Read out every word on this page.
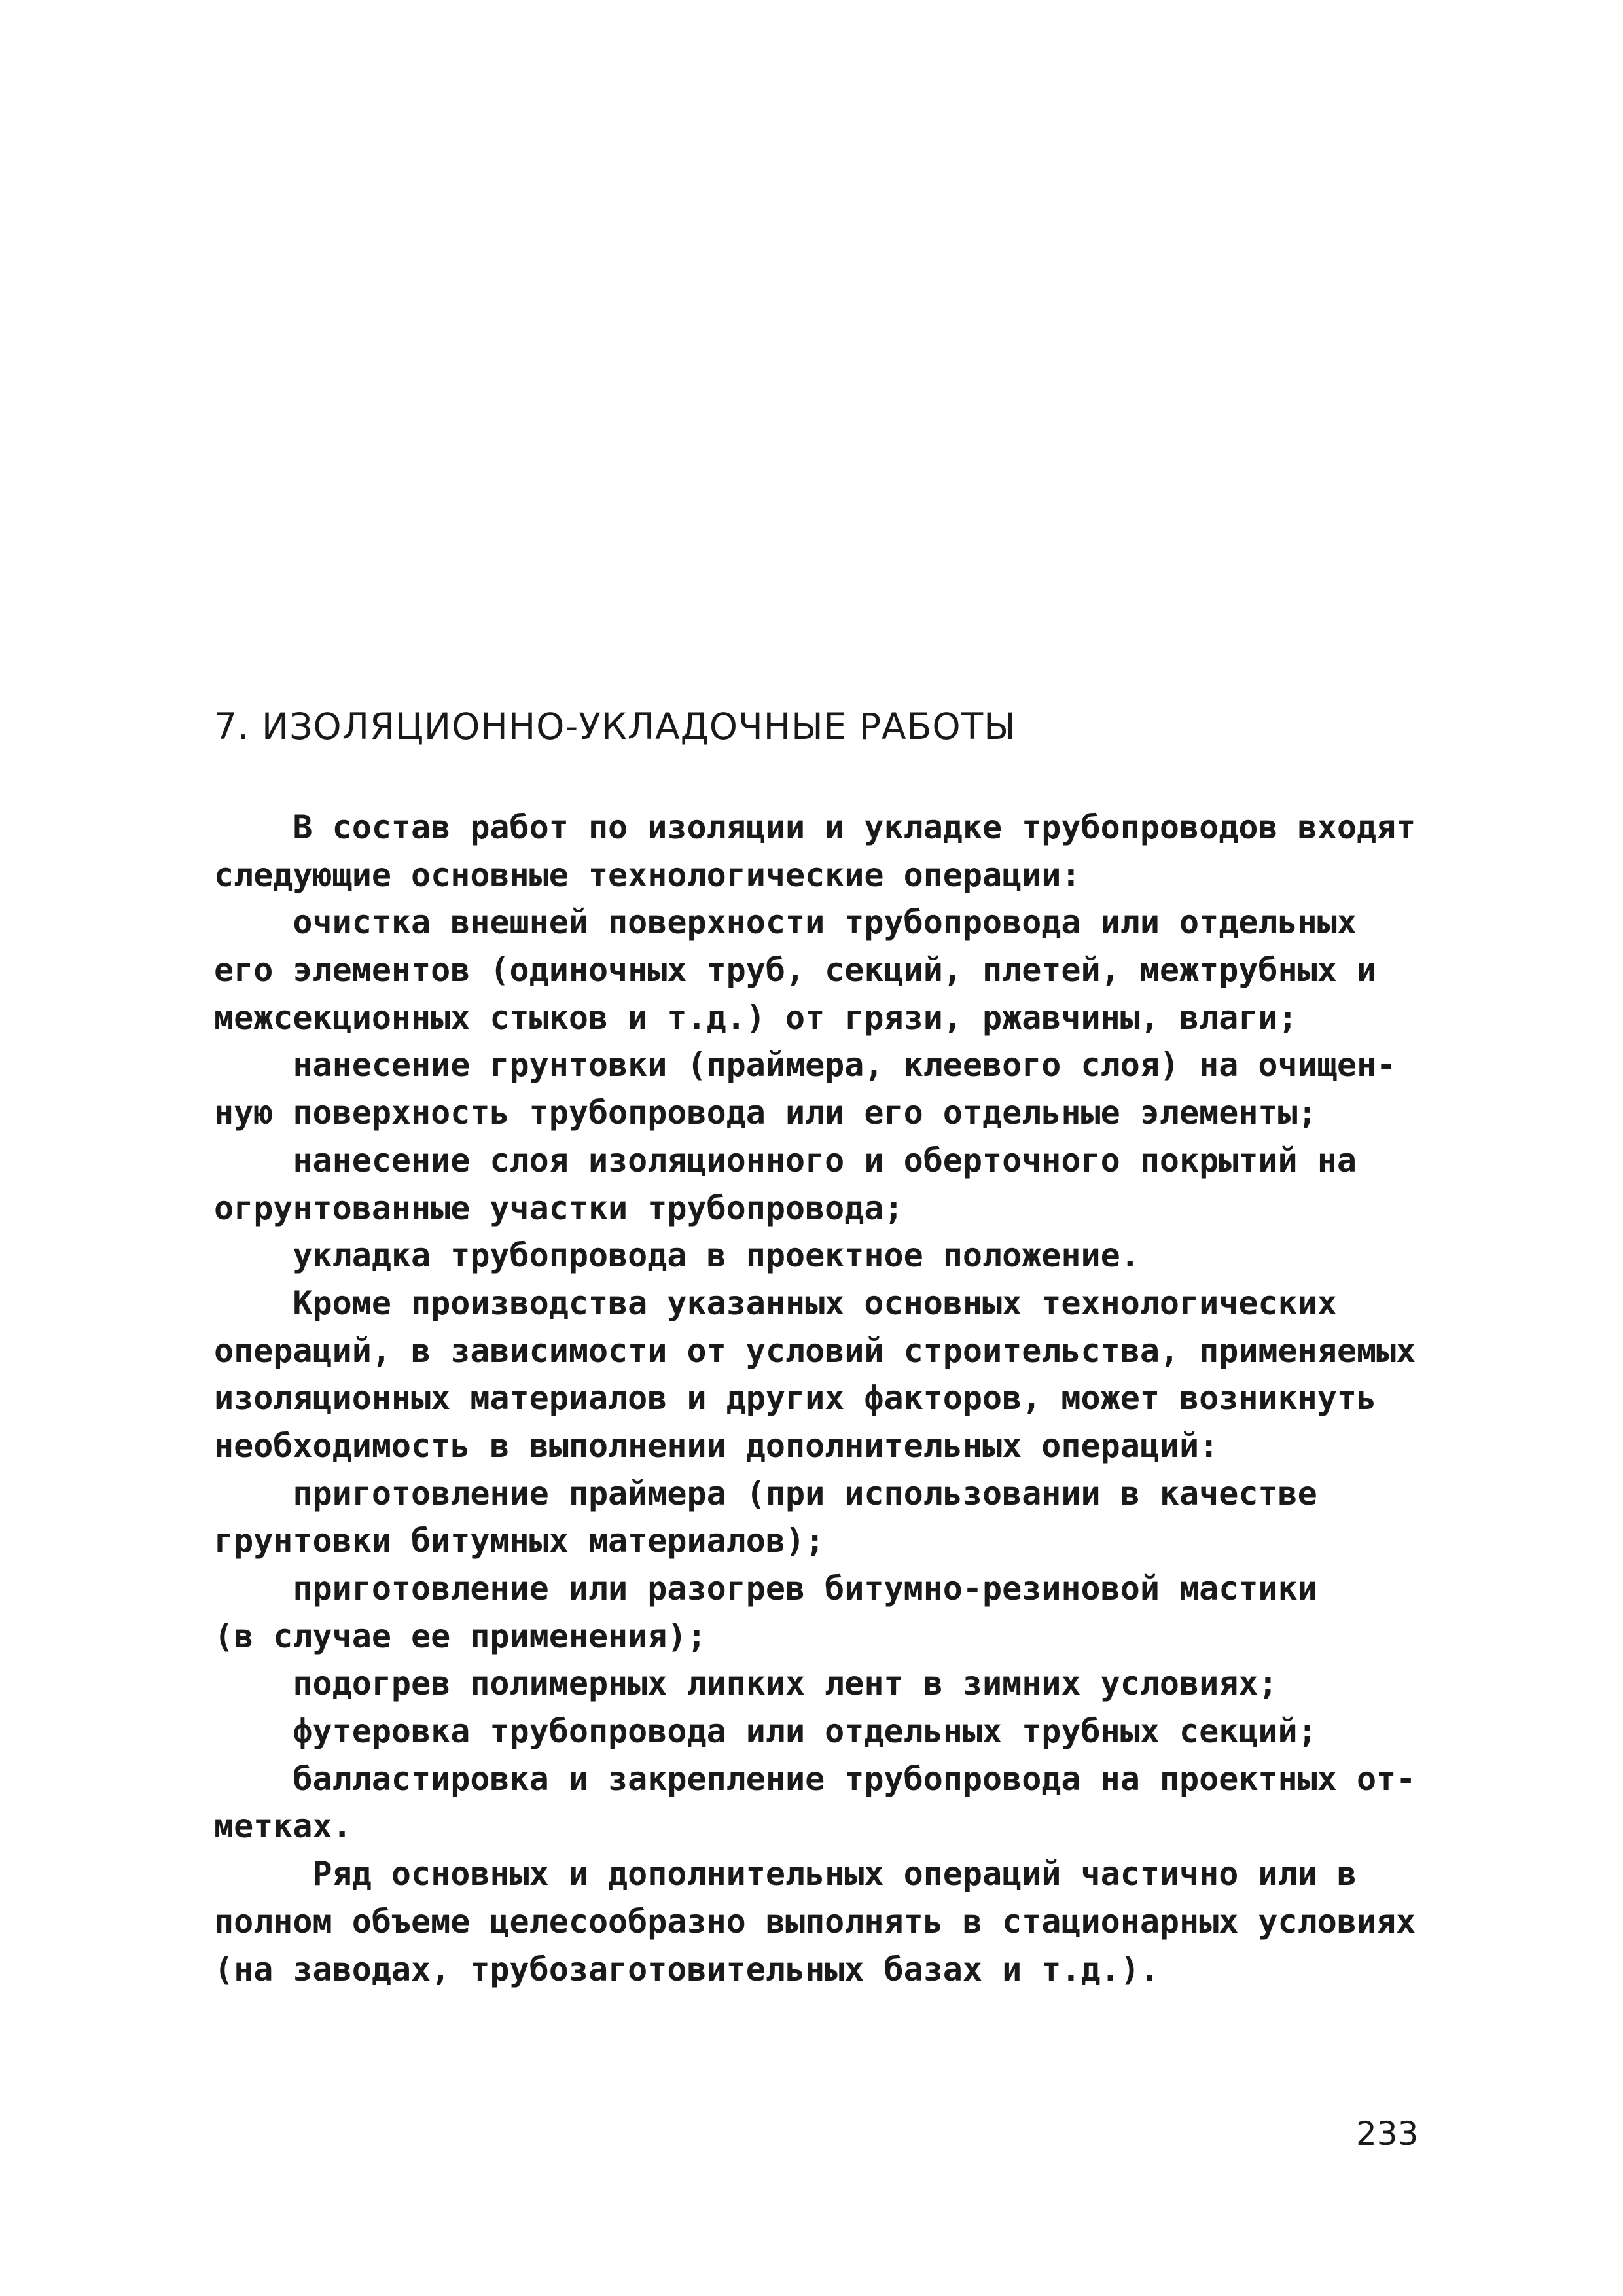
7. ИЗОЛЯЦИОННО-УКЛАДОЧНЫЕ РАБОТЫ
В состав работ по изоляции и укладке трубопроводов входят
следующие основные технологические операции:
очистка внешней поверхности трубопровода или отдельных
его элементов (одиночных труб, секций, плетей, межтрубных и
межсекционных стыков и т.д.) от грязи, ржавчины, влаги;
нанесение грунтовки (праймера, клеевого слоя) на очищен-
ную поверхность трубопровода или его отдельные элементы;
нанесение слоя изоляционного и оберточного покрытий на
огрунтованные участки трубопровода;
укладка трубопровода в проектное положение.
Кроме производства указанных основных технологических
операций, в зависимости от условий строительства, применяемых
изоляционных материалов и других факторов, может возникнуть
необходимость в выполнении дополнительных операций:
приготовление праймера (при использовании в качестве
грунтовки битумных материалов);
приготовление или разогрев битумно-резиновой мастики
(в случае ее применения);
подогрев полимерных липких лент в зимних условиях;
футеровка трубопровода или отдельных трубных секций;
балластировка и закрепление трубопровода на проектных от-
метках.
Ряд основных и дополнительных операций частично или в
полном объеме целесообразно выполнять в стационарных условиях
(на заводах, трубозаготовительных базах и т.д.).
233
